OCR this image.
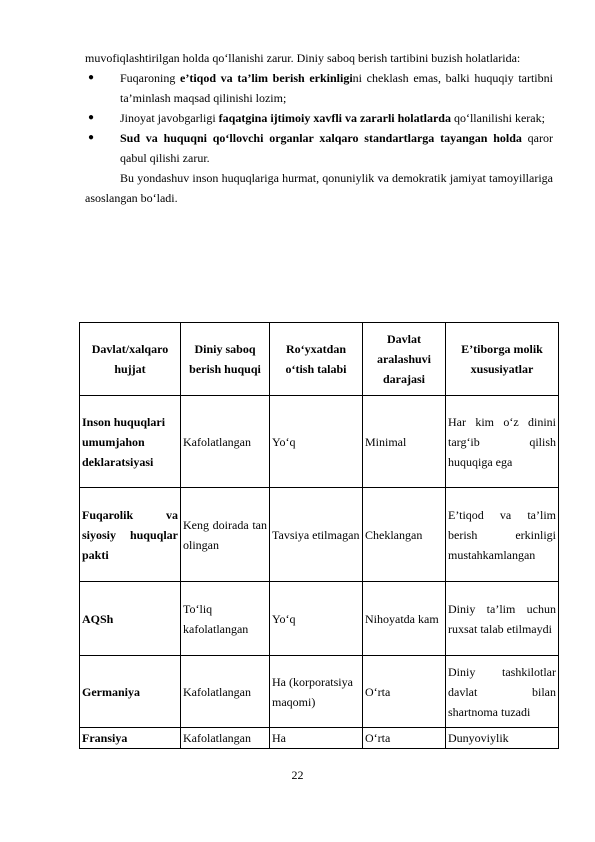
muvofiqlashtirilgan holda qo‘llanishi zarur. Diniy saboq berish tartibini buzish holatlarida:

● Fuqaroning e’tiqod va ta’lim berish erkinligini cheklash emas, balki huquqiy tartibni ta’minlash maqsad qilinishi lozim;
● Jinoyat javobgarligi faqatgina ijtimoiy xavfli va zararli holatlarda qo‘llanilishi kerak;
● Sud va huquqni qo‘llovchi organlar xalqaro standartlarga tayangan holda qaror qabul qilishi zarur.

Bu yondashuv inson huquqlariga hurmat, qonuniylik va demokratik jamiyat tamoyillariga asoslangan bo‘ladi.

Davlat/xalqaro hujjat	Diniy saboq berish huquqi	Ro‘yxatdan o‘tish talabi	Davlat aralashuvi darajasi	E’tiborga molik xususiyatlar
Inson huquqlari umumjahon deklaratsiyasi	Kafolatlangan	Yo‘q	Minimal	Har kim o‘z dinini targ‘ib qilish huquqiga ega
Fuqarolik va siyosiy huquqlar pakti	Keng doirada tan olingan	Tavsiya etilmagan	Cheklangan	E’tiqod va ta’lim berish erkinligi mustahkamlangan
AQSh	To‘liq kafolatlangan	Yo‘q	Nihoyatda kam	Diniy ta’lim uchun ruxsat talab etilmaydi
Germaniya	Kafolatlangan	Ha (korporatsiya maqomi)	O‘rta	Diniy tashkilotlar davlat bilan shartnoma tuzadi
Fransiya	Kafolatlangan	Ha	O‘rta	Dunyoviylik
22
